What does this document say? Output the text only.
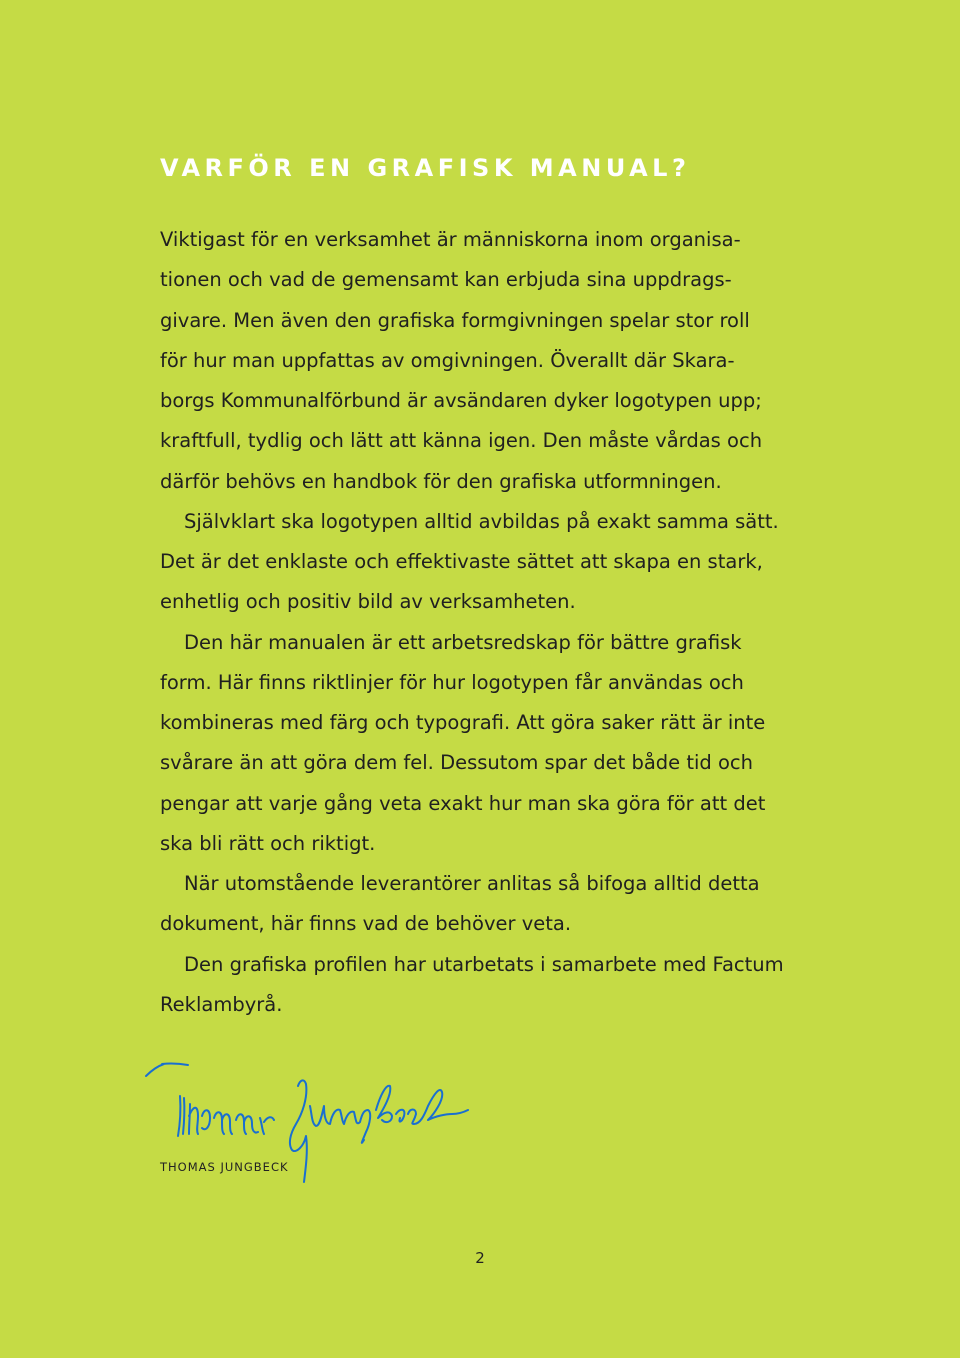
VARFÖR EN GRAFISK MANUAL?

Viktigast för en verksamhet är människorna inom organisa-
tionen och vad de gemensamt kan erbjuda sina uppdrags-
givare. Men även den grafiska formgivningen spelar stor roll
för hur man uppfattas av omgivningen. Överallt där Skara-
borgs Kommunalförbund är avsändaren dyker logotypen upp;
kraftfull, tydlig och lätt att känna igen. Den måste vårdas och
därför behövs en handbok för den grafiska utformningen.

Självklart ska logotypen alltid avbildas på exakt samma sätt.
Det är det enklaste och effektivaste sättet att skapa en stark,
enhetlig och positiv bild av verksamheten.

Den här manualen är ett arbetsredskap för bättre grafisk
form. Här finns riktlinjer för hur logotypen får användas och
kombineras med färg och typografi. Att göra saker rätt är inte
svårare än att göra dem fel. Dessutom spar det både tid och
pengar att varje gång veta exakt hur man ska göra för att det
ska bli rätt och riktigt.

När utomstående leverantörer anlitas så bifoga alltid detta
dokument, här finns vad de behöver veta.

Den grafiska profilen har utarbetats i samarbete med Factum
Reklambyrå.

THOMAS JUNGBECK
2
